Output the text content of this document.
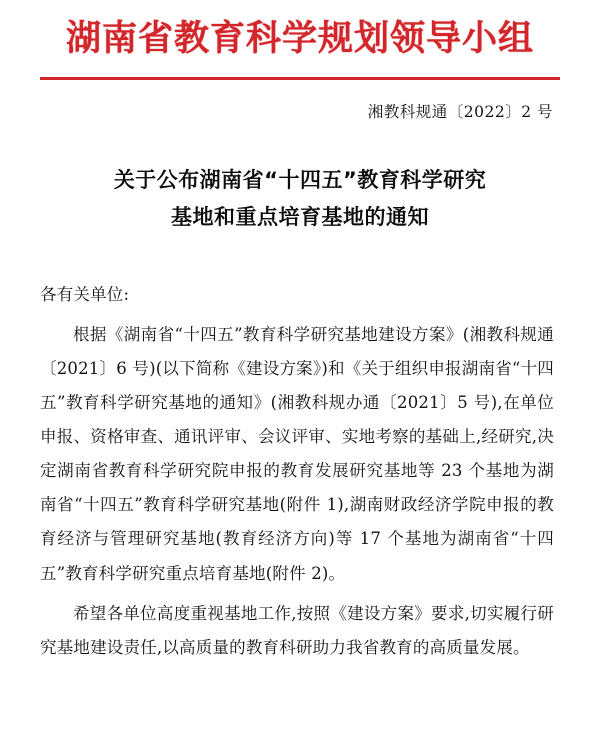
湖南省教育科学规划领导小组
湘教科规通〔2022〕2 号
关于公布湖南省“十四五”教育科学研究
基地和重点培育基地的通知

各有关单位:

根据《湖南省“十四五”教育科学研究基地建设方案》(湘教科规通〔2021〕6 号)(以下简称《建设方案》)和《关于组织申报湖南省“十四五”教育科学研究基地的通知》(湘教科规办通〔2021〕5 号),在单位申报、资格审查、通讯评审、会议评审、实地考察的基础上,经研究,决定湖南省教育科学研究院申报的教育发展研究基地等 23 个基地为湖南省“十四五”教育科学研究基地(附件 1),湖南财政经济学院申报的教育经济与管理研究基地(教育经济方向)等 17 个基地为湖南省“十四五”教育科学研究重点培育基地(附件 2)。

希望各单位高度重视基地工作,按照《建设方案》要求,切实履行研究基地建设责任,以高质量的教育科研助力我省教育的高质量发展。
